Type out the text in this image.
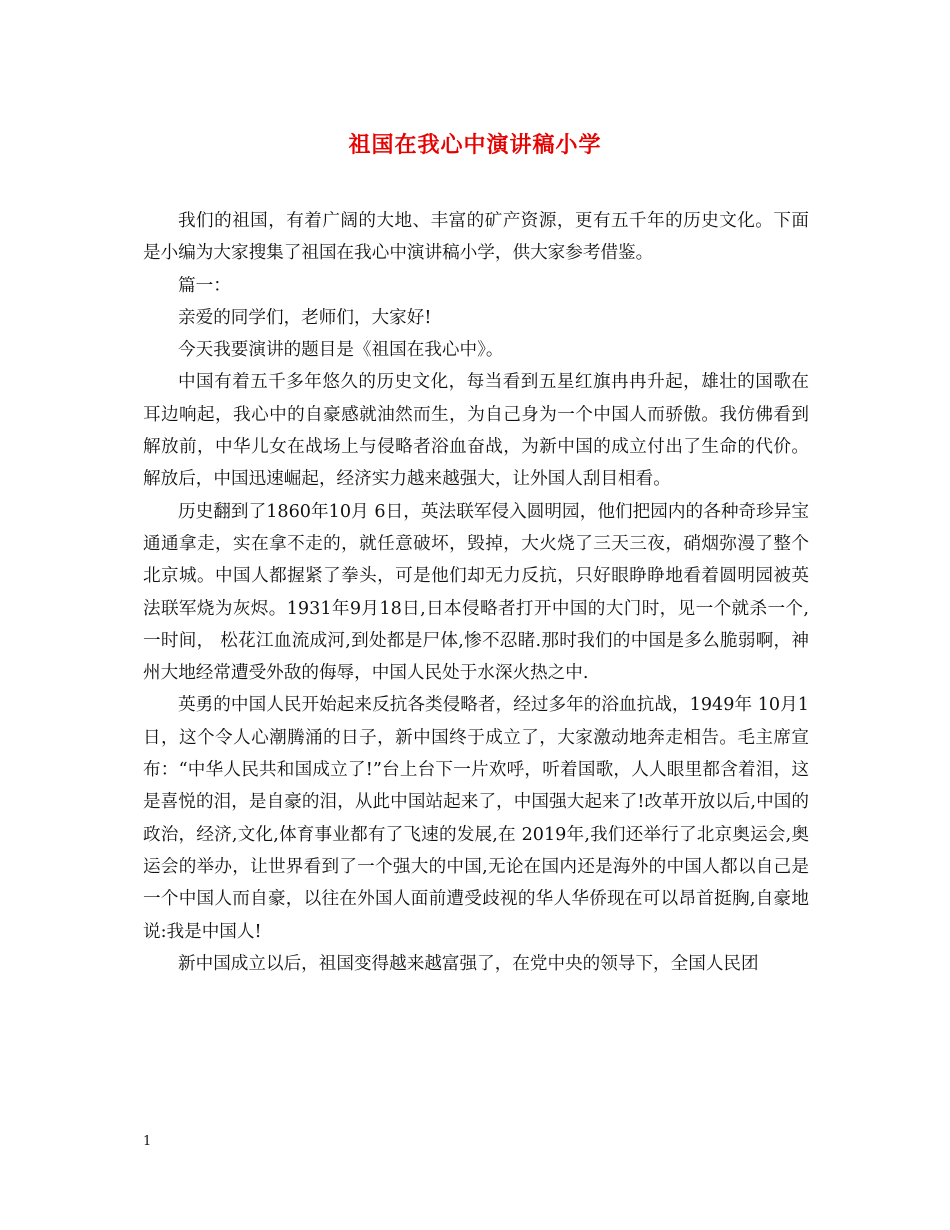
祖国在我心中演讲稿小学

我们的祖国，有着广阔的大地、丰富的矿产资源，更有五千年的历史文化。下面是小编为大家搜集了祖国在我心中演讲稿小学，供大家参考借鉴。

篇一：

亲爱的同学们，老师们，大家好!

今天我要演讲的题目是《祖国在我心中》。

中国有着五千多年悠久的历史文化，每当看到五星红旗冉冉升起，雄壮的国歌在耳边响起，我心中的自豪感就油然而生，为自己身为一个中国人而骄傲。我仿佛看到解放前，中华儿女在战场上与侵略者浴血奋战，为新中国的成立付出了生命的代价。解放后，中国迅速崛起，经济实力越来越强大，让外国人刮目相看。

历史翻到了1860年10月 6日，英法联军侵入圆明园，他们把园内的各种奇珍异宝通通拿走，实在拿不走的，就任意破坏，毁掉，大火烧了三天三夜，硝烟弥漫了整个北京城。中国人都握紧了拳头，可是他们却无力反抗，只好眼睁睁地看着圆明园被英法联军烧为灰烬。1931年9月18日,日本侵略者打开中国的大门时，见一个就杀一个,一时间， 松花江血流成河,到处都是尸体,惨不忍睹.那时我们的中国是多么脆弱啊，神州大地经常遭受外敌的侮辱，中国人民处于水深火热之中.

英勇的中国人民开始起来反抗各类侵略者，经过多年的浴血抗战，1949年 10月1日，这个令人心潮腾涌的日子，新中国终于成立了，大家激动地奔走相告。毛主席宣布：“中华人民共和国成立了!”台上台下一片欢呼，听着国歌，人人眼里都含着泪，这是喜悦的泪，是自豪的泪，从此中国站起来了，中国强大起来了!改革开放以后,中国的政治，经济,文化,体育事业都有了飞速的发展,在 2019年,我们还举行了北京奥运会,奥运会的举办，让世界看到了一个强大的中国,无论在国内还是海外的中国人都以自己是一个中国人而自豪，以往在外国人面前遭受歧视的华人华侨现在可以昂首挺胸,自豪地说:我是中国人!

新中国成立以后，祖国变得越来越富强了，在党中央的领导下，全国人民团

1
